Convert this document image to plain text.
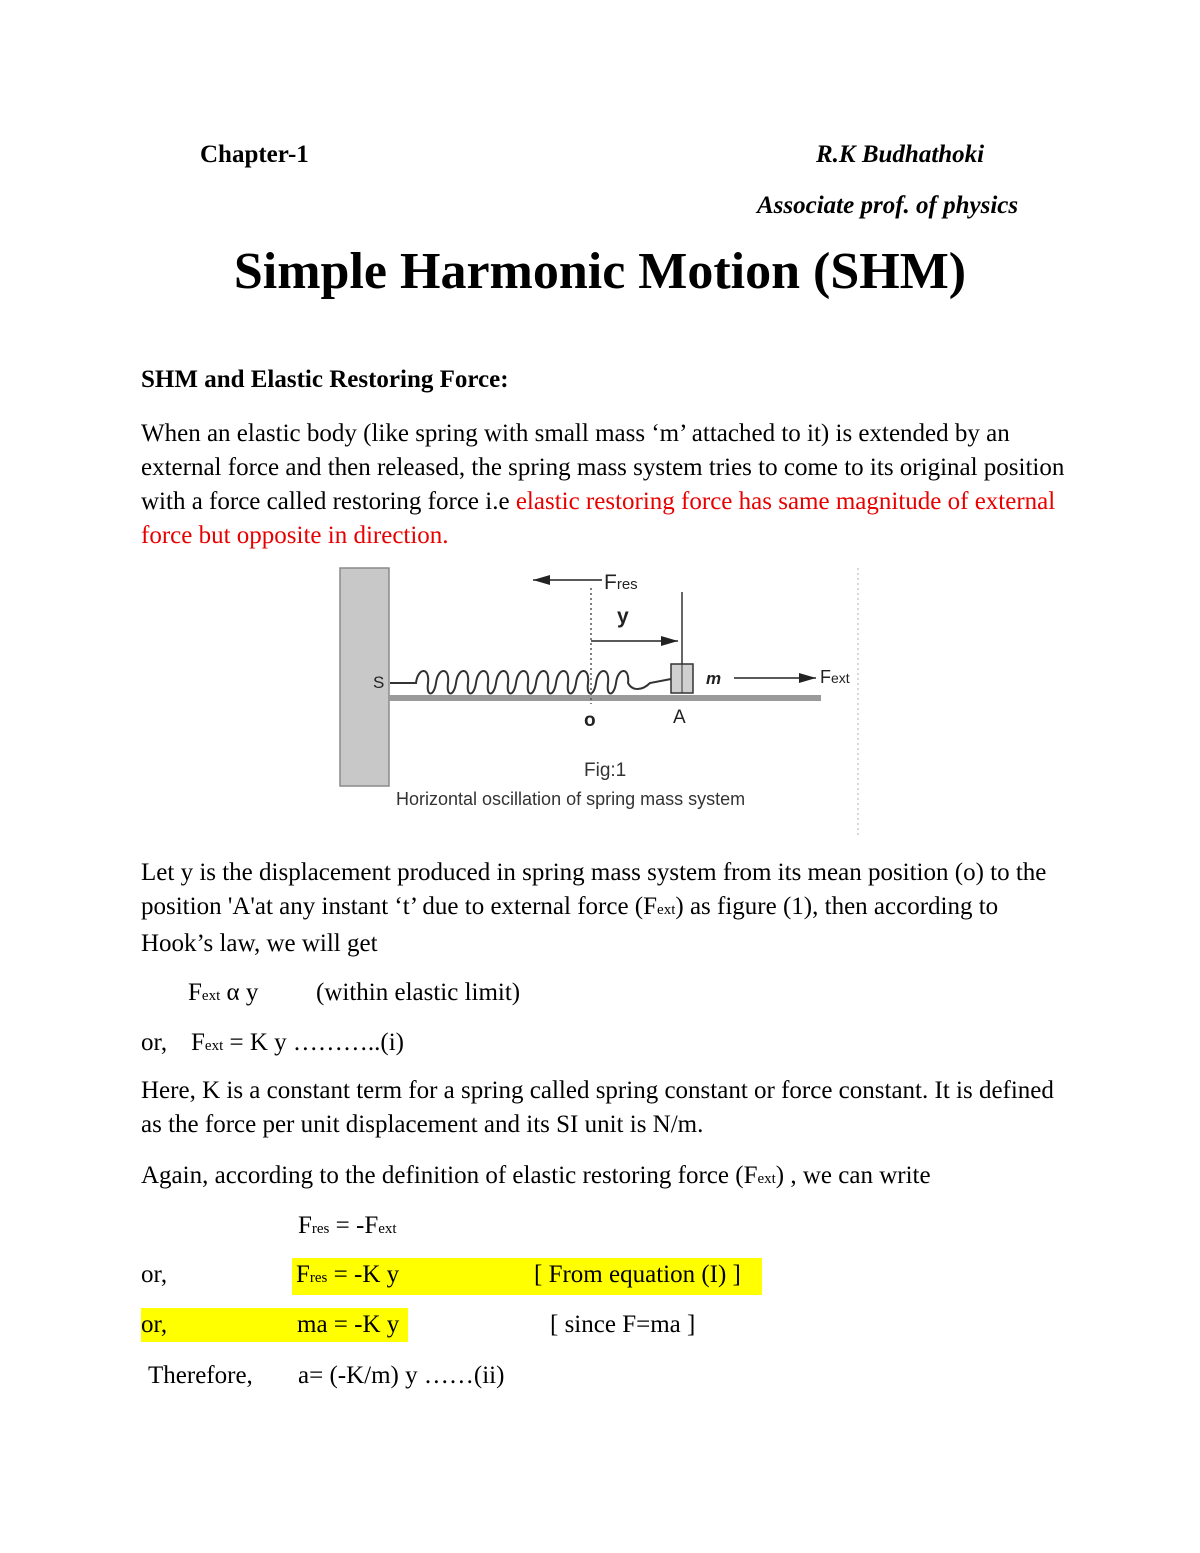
Chapter-1	R.K Budhathoki
Associate prof. of physics
Simple Harmonic Motion (SHM)
SHM and Elastic Restoring Force:
When an elastic body (like spring with small mass ‘m’ attached to it) is extended by an external force and then released, the spring mass system tries to come to its original position with a force called restoring force i.e elastic restoring force has same magnitude of external force but opposite in direction.
Fres
y
S	m	Fext
o	A
Fig:1
Horizontal oscillation of spring mass system
Let y is the displacement produced in spring mass system from its mean position (o) to the position 'A'at any instant ‘t’ due to external force (Fext) as figure (1), then according to Hook’s law, we will get
Fext α y (within elastic limit)
or, Fext = K y ………..(i)
Here, K is a constant term for a spring called spring constant or force constant. It is defined as the force per unit displacement and its SI unit is N/m.
Again, according to the definition of elastic restoring force (Fext) , we can write
Fres = -Fext
or,	Fres = -K y	[ From equation (I) ]
or,	ma = -K y	[ since F=ma ]
Therefore, a= (-K/m) y ……(ii)
